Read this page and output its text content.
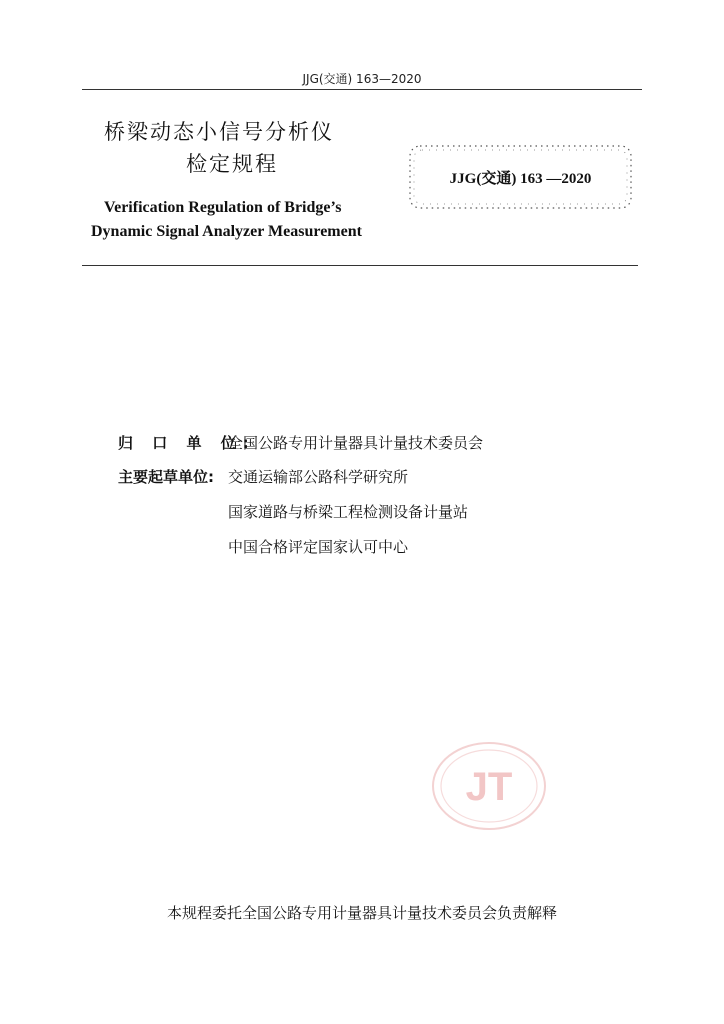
JJG(交通) 163—2020
桥梁动态小信号分析仪
检定规程
JJG(交通) 163 —2020
Verification Regulation of Bridge’s
Dynamic Signal Analyzer Measurement
归 口 单 位:
全国公路专用计量器具计量技术委员会
主要起草单位: 交通运输部公路科学研究所
国家道路与桥梁工程检测设备计量站
中国合格评定国家认可中心
JT
本规程委托全国公路专用计量器具计量技术委员会负责解释
